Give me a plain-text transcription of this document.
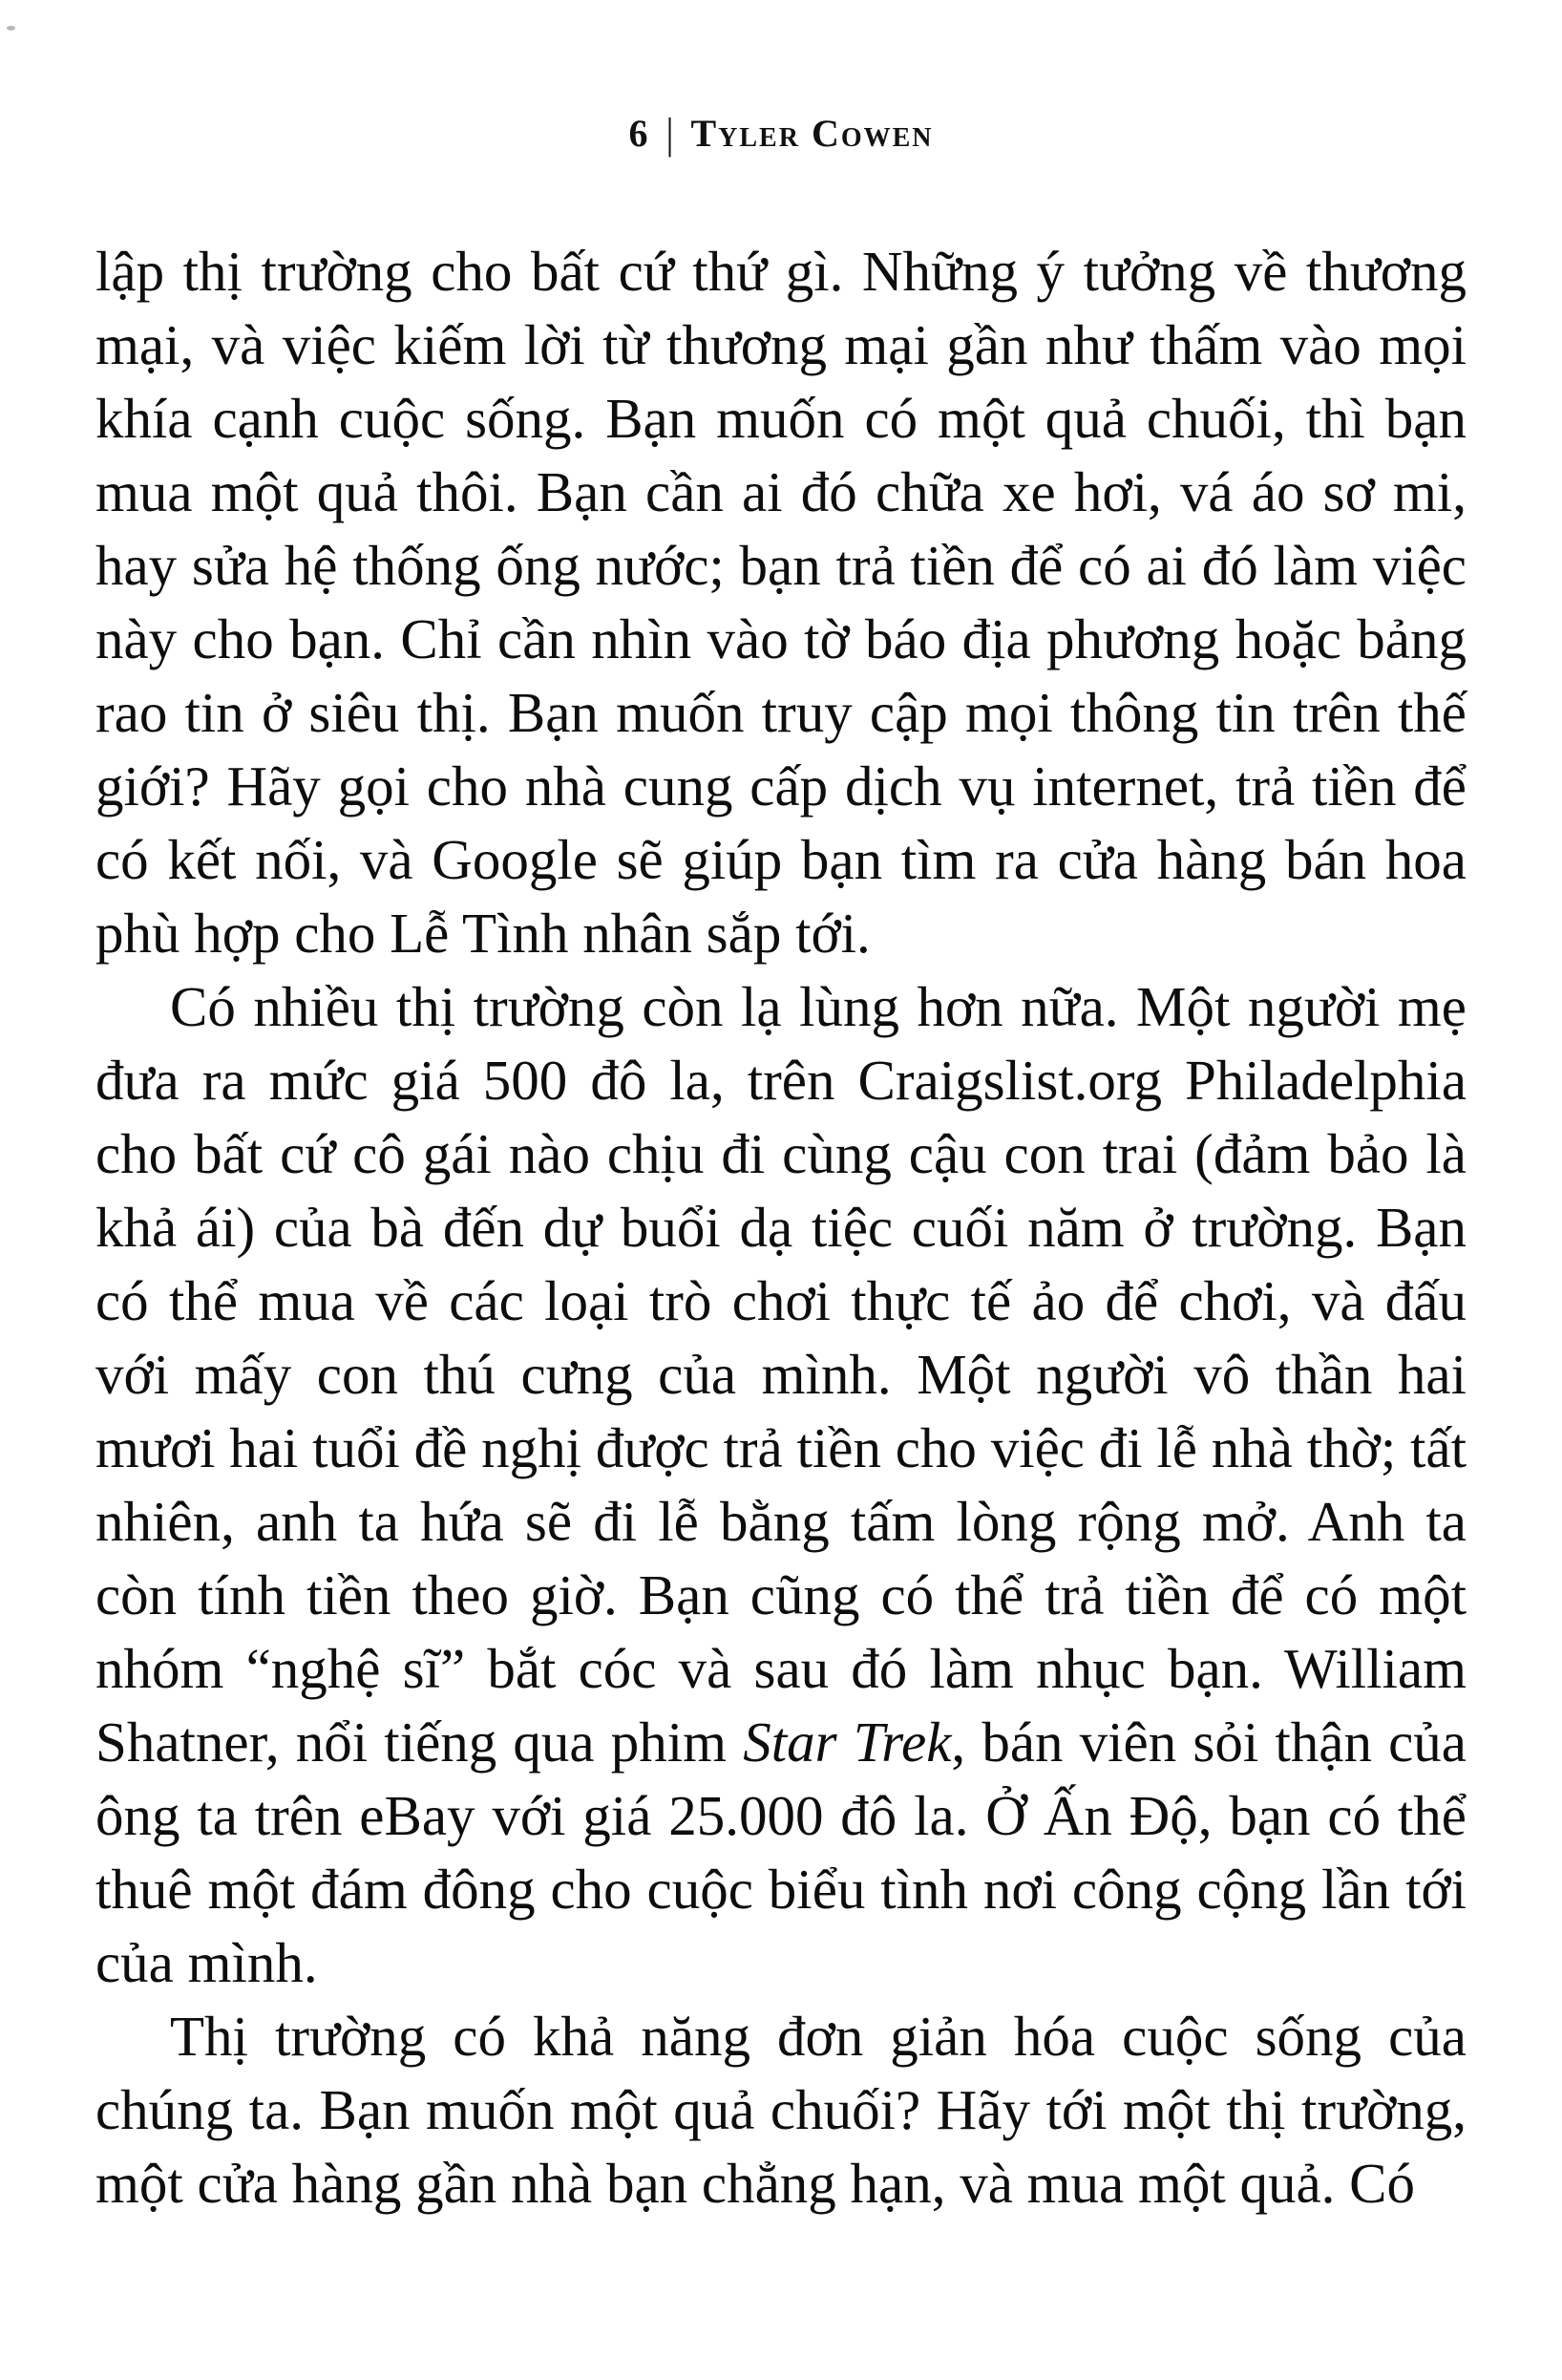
6 | Tyler Cowen

lập thị trường cho bất cứ thứ gì. Những ý tưởng về thương mại, và việc kiếm lời từ thương mại gần như thấm vào mọi khía cạnh cuộc sống. Bạn muốn có một quả chuối, thì bạn mua một quả thôi. Bạn cần ai đó chữa xe hơi, vá áo sơ mi, hay sửa hệ thống ống nước; bạn trả tiền để có ai đó làm việc này cho bạn. Chỉ cần nhìn vào tờ báo địa phương hoặc bảng rao tin ở siêu thị. Bạn muốn truy cập mọi thông tin trên thế giới? Hãy gọi cho nhà cung cấp dịch vụ internet, trả tiền để có kết nối, và Google sẽ giúp bạn tìm ra cửa hàng bán hoa phù hợp cho Lễ Tình nhân sắp tới.

Có nhiều thị trường còn lạ lùng hơn nữa. Một người mẹ đưa ra mức giá 500 đô la, trên Craigslist.org Philadelphia cho bất cứ cô gái nào chịu đi cùng cậu con trai (đảm bảo là khả ái) của bà đến dự buổi dạ tiệc cuối năm ở trường. Bạn có thể mua về các loại trò chơi thực tế ảo để chơi, và đấu với mấy con thú cưng của mình. Một người vô thần hai mươi hai tuổi đề nghị được trả tiền cho việc đi lễ nhà thờ; tất nhiên, anh ta hứa sẽ đi lễ bằng tấm lòng rộng mở. Anh ta còn tính tiền theo giờ. Bạn cũng có thể trả tiền để có một nhóm “nghệ sĩ” bắt cóc và sau đó làm nhục bạn. William Shatner, nổi tiếng qua phim Star Trek, bán viên sỏi thận của ông ta trên eBay với giá 25.000 đô la. Ở Ấn Độ, bạn có thể thuê một đám đông cho cuộc biểu tình nơi công cộng lần tới của mình.

Thị trường có khả năng đơn giản hóa cuộc sống của chúng ta. Bạn muốn một quả chuối? Hãy tới một thị trường, một cửa hàng gần nhà bạn chẳng hạn, và mua một quả. Có
